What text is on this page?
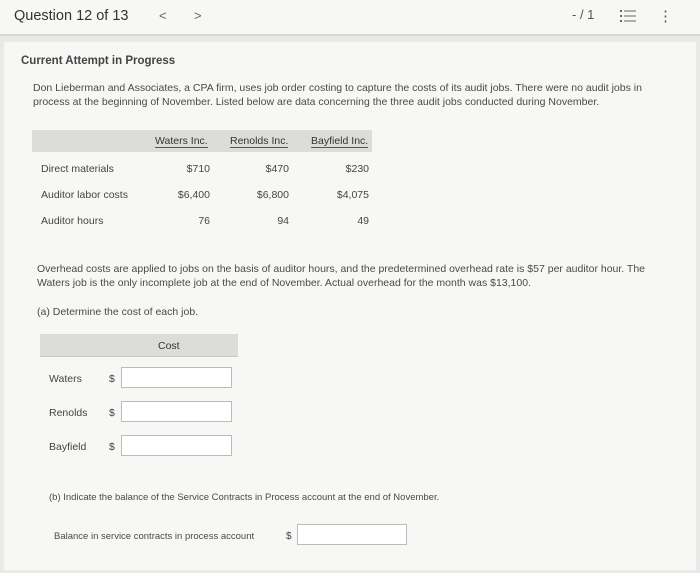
Question 12 of 13 < >	- / 1	⋮
Current Attempt in Progress
Don Lieberman and Associates, a CPA firm, uses job order costing to capture the costs of its audit jobs. There were no audit jobs in process at the beginning of November. Listed below are data concerning the three audit jobs conducted during November.
Waters Inc. Renolds Inc. Bayfield Inc.
Direct materials	$710	$470	$230
Auditor labor costs	$6,400	$6,800	$4,075
Auditor hours	76	94	49
Overhead costs are applied to jobs on the basis of auditor hours, and the predetermined overhead rate is $57 per auditor hour. The Waters job is the only incomplete job at the end of November. Actual overhead for the month was $13,100.
(a) Determine the cost of each job.
Cost
Waters	$
Renolds $
Bayfield $
(b) Indicate the balance of the Service Contracts in Process account at the end of November.
Balance in service contracts in process account	$
